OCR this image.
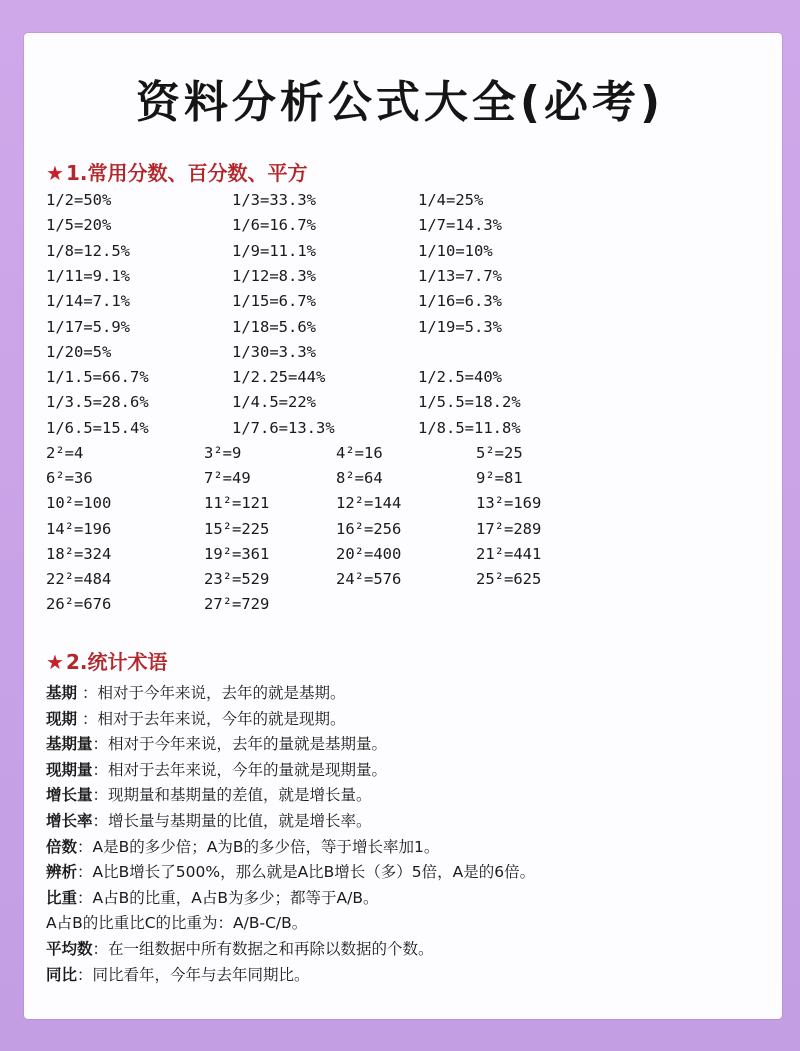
资料分析公式大全(必考)
★ 1.常用分数、百分数、平方
1/2=50%	1/3=33.3%	1/4=25%
1/5=20%	1/6=16.7%	1/7=14.3%
1/8=12.5%	1/9=11.1%	1/10=10%
1/11=9.1%	1/12=8.3%	1/13=7.7%
1/14=7.1%	1/15=6.7%	1/16=6.3%
1/17=5.9%	1/18=5.6%	1/19=5.3%
1/20=5%	1/30=3.3%
1/1.5=66.7%	1/2.25=44%	1/2.5=40%
1/3.5=28.6%	1/4.5=22%	1/5.5=18.2%
1/6.5=15.4%	1/7.6=13.3%	1/8.5=11.8%
2²=4	3²=9	4²=16	5²=25
6²=36	7²=49	8²=64	9²=81
10²=100	11²=121	12²=144	13²=169
14²=196	15²=225	16²=256	17²=289
18²=324	19²=361	20²=400	21²=441
22²=484	23²=529	24²=576	25²=625
26²=676	27²=729
★ 2.统计术语
基期 ：相对于今年来说，去年的就是基期。
现期 ：相对于去年来说，今年的就是现期。
基期量：相对于今年来说，去年的量就是基期量。
现期量：相对于去年来说，今年的量就是现期量。
增长量：现期量和基期量的差值，就是增长量。
增长率：增长量与基期量的比值，就是增长率。
倍数：A是B的多少倍；A为B的多少倍，等于增长率加1。
辨析：A比B增长了500%，那么就是A比B增长（多）5倍，A是的6倍。
比重：A占B的比重，A占B为多少；都等于A/B。
A占B的比重比C的比重为：A/B-C/B。
平均数：在一组数据中所有数据之和再除以数据的个数。
同比：同比看年，今年与去年同期比。
